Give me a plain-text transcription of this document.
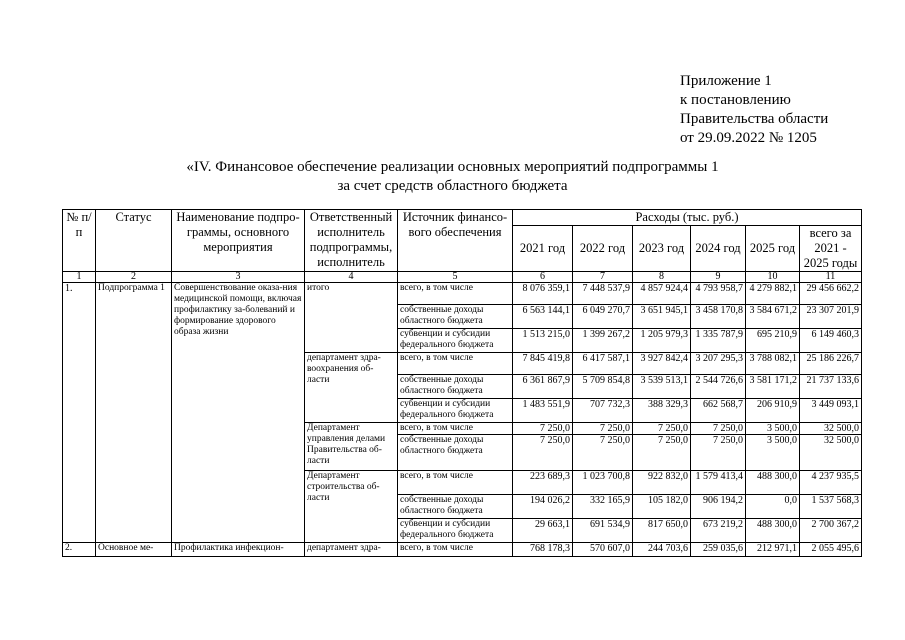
Приложение 1
к постановлению
Правительства области
от 29.09.2022 № 1205
«IV. Финансовое обеспечение реализации основных мероприятий подпрограммы 1
за счет средств областного бюджета
№ п/п	Статус	Наименование подпро-граммы, основного мероприятия	Ответственный исполнитель подпрограммы, исполнитель	Источник финансо-вого обеспечения	Расходы (тыс. руб.)					
					2021 год	2022 год	2023 год	2024 год	2025 год	всего за 2021 - 2025 годы
1	2	3	4	5	6	7	8	9	10	11
1.	Подпрограмма 1	Совершенствование оказа-ния медицинской помощи, включая профилактику за-болеваний и формирование здорового образа жизни	итого	всего, в том числе	8 076 359,1	7 448 537,9	4 857 924,4	4 793 958,7	4 279 882,1	29 456 662,2
				собственные доходы областного бюджета	6 563 144,1	6 049 270,7	3 651 945,1	3 458 170,8	3 584 671,2	23 307 201,9
				субвенции и субсидии федерального бюджета	1 513 215,0	1 399 267,2	1 205 979,3	1 335 787,9	695 210,9	6 149 460,3
			департамент здра-воохранения об-ласти	всего, в том числе	7 845 419,8	6 417 587,1	3 927 842,4	3 207 295,3	3 788 082,1	25 186 226,7
				собственные доходы областного бюджета	6 361 867,9	5 709 854,8	3 539 513,1	2 544 726,6	3 581 171,2	21 737 133,6
				субвенции и субсидии федерального бюджета	1 483 551,9	707 732,3	388 329,3	662 568,7	206 910,9	3 449 093,1
			Департамент управления делами Правительства об-ласти	всего, в том числе	7 250,0	7 250,0	7 250,0	7 250,0	3 500,0	32 500,0
				собственные доходы областного бюджета	7 250,0	7 250,0	7 250,0	7 250,0	3 500,0	32 500,0
			Департамент строительства об-ласти	всего, в том числе	223 689,3	1 023 700,8	922 832,0	1 579 413,4	488 300,0	4 237 935,5
				собственные доходы областного бюджета	194 026,2	332 165,9	105 182,0	906 194,2	0,0	1 537 568,3
				субвенции и субсидии федерального бюджета	29 663,1	691 534,9	817 650,0	673 219,2	488 300,0	2 700 367,2
2.	Основное ме-	Профилактика инфекцион-	департамент здра-	всего, в том числе	768 178,3	570 607,0	244 703,6	259 035,6	212 971,1	2 055 495,6
